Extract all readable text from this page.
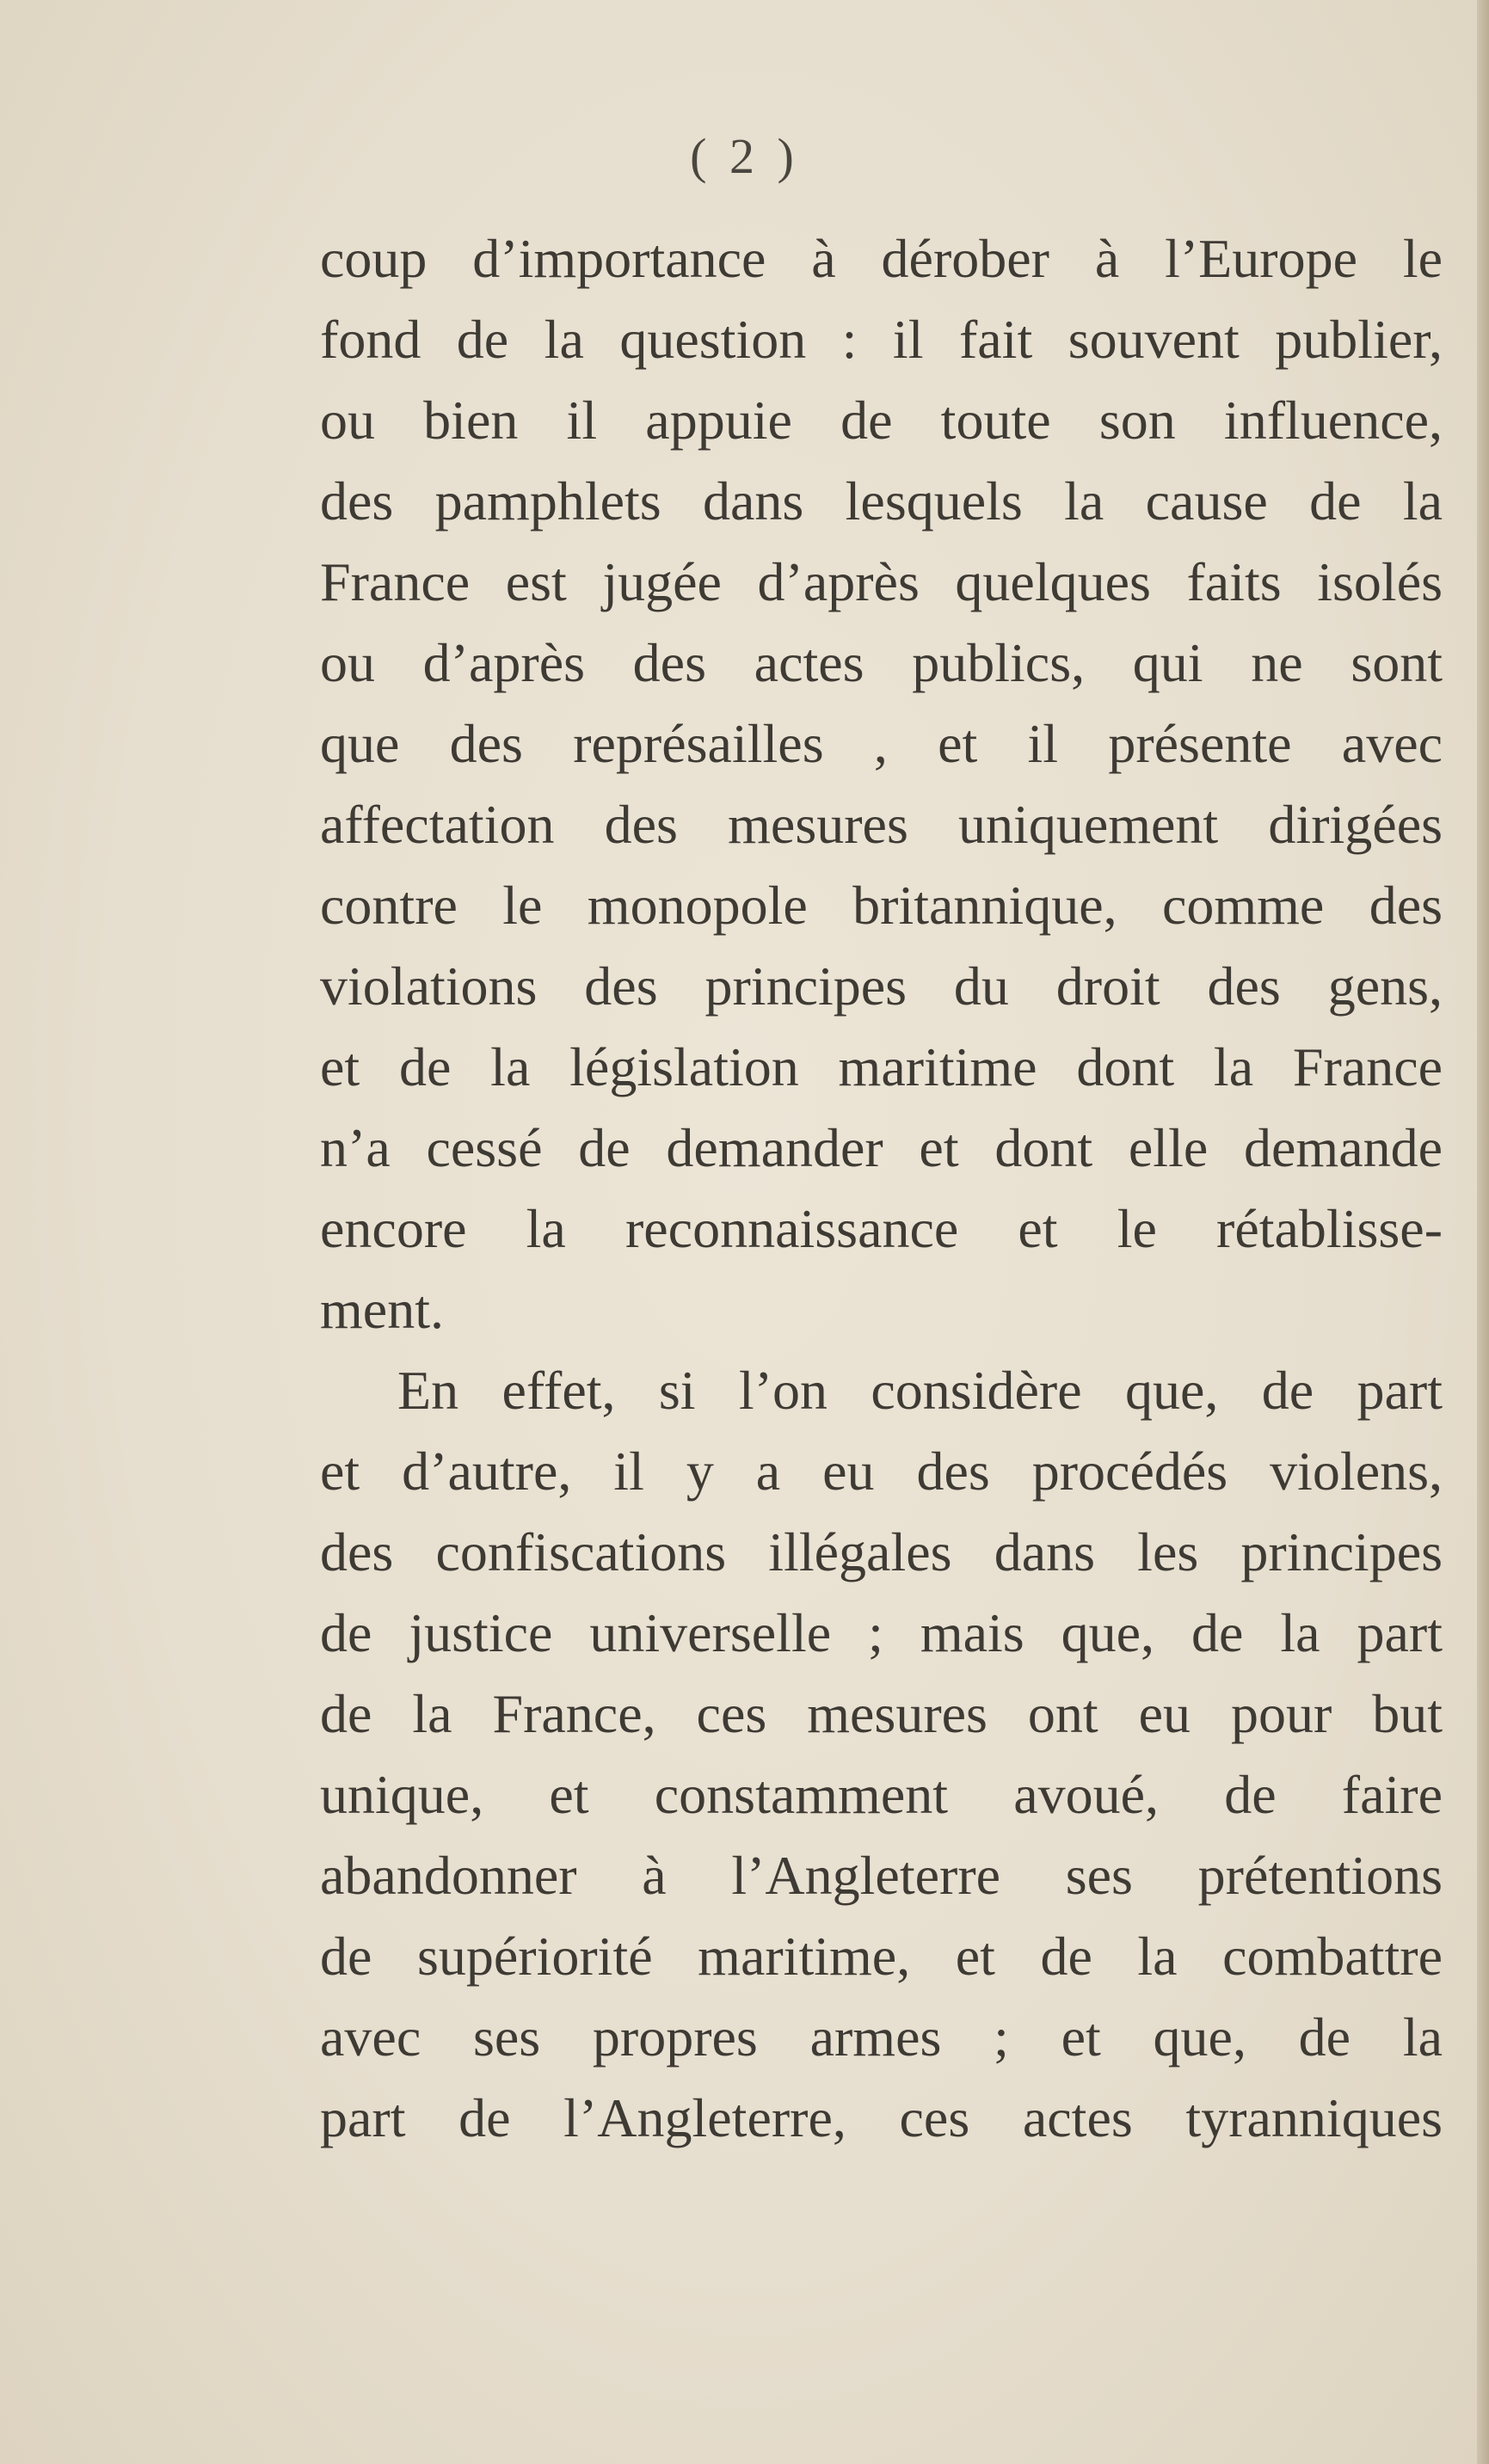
( 2 )
coup d’importance à dérober à l’Europe le
fond de la question : il fait souvent publier,
ou bien il appuie de toute son influence,
des pamphlets dans lesquels la cause de la
France est jugée d’après quelques faits isolés
ou d’après des actes publics, qui ne sont
que des représailles , et il présente avec
affectation des mesures uniquement dirigées
contre le monopole britannique, comme des
violations des principes du droit des gens,
et de la législation maritime dont la France
n’a cessé de demander et dont elle demande
encore la reconnaissance et le rétablisse-
ment.
En effet, si l’on considère que, de part
et d’autre, il y a eu des procédés violens,
des confiscations illégales dans les principes
de justice universelle ; mais que, de la part
de la France, ces mesures ont eu pour but
unique, et constamment avoué, de faire
abandonner à l’Angleterre ses prétentions
de supériorité maritime, et de la combattre
avec ses propres armes ; et que, de la
part de l’Angleterre, ces actes tyranniques
